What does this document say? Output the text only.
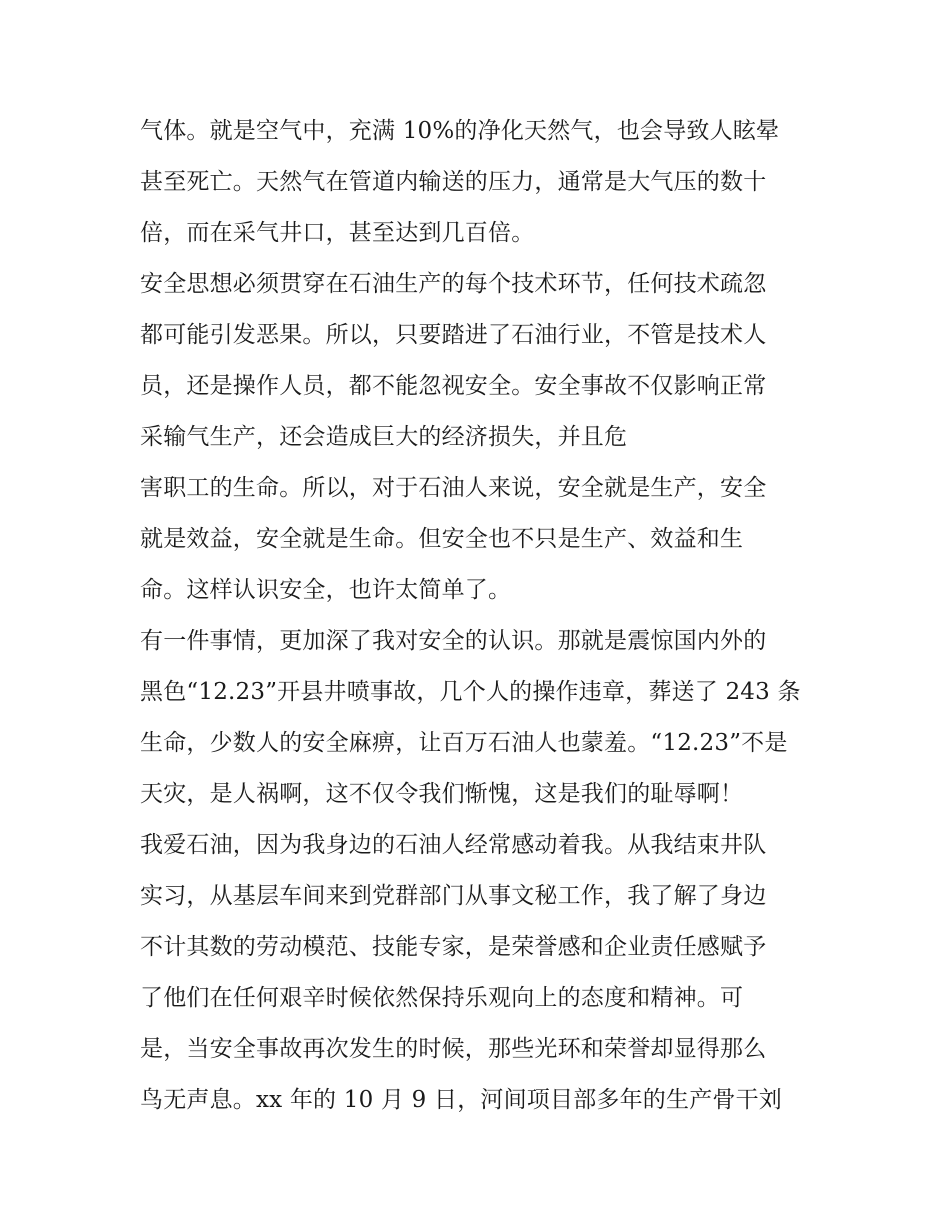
气体。就是空气中，充满 10%的净化天然气，也会导致人眩晕
甚至死亡。天然气在管道内输送的压力，通常是大气压的数十
倍，而在采气井口，甚至达到几百倍。
安全思想必须贯穿在石油生产的每个技术环节，任何技术疏忽
都可能引发恶果。所以，只要踏进了石油行业，不管是技术人
员，还是操作人员，都不能忽视安全。安全事故不仅影响正常
采输气生产，还会造成巨大的经济损失，并且危
害职工的生命。所以，对于石油人来说，安全就是生产，安全
就是效益，安全就是生命。但安全也不只是生产、效益和生
命。这样认识安全，也许太简单了。
有一件事情，更加深了我对安全的认识。那就是震惊国内外的
黑色“12.23”开县井喷事故，几个人的操作违章，葬送了 243 条
生命，少数人的安全麻痹，让百万石油人也蒙羞。“12.23”不是
天灾，是人祸啊，这不仅令我们惭愧，这是我们的耻辱啊！
我爱石油，因为我身边的石油人经常感动着我。从我结束井队
实习，从基层车间来到党群部门从事文秘工作，我了解了身边
不计其数的劳动模范、技能专家，是荣誉感和企业责任感赋予
了他们在任何艰辛时候依然保持乐观向上的态度和精神。可
是，当安全事故再次发生的时候，那些光环和荣誉却显得那么
鸟无声息。xx 年的 10 月 9 日，河间项目部多年的生产骨干刘
